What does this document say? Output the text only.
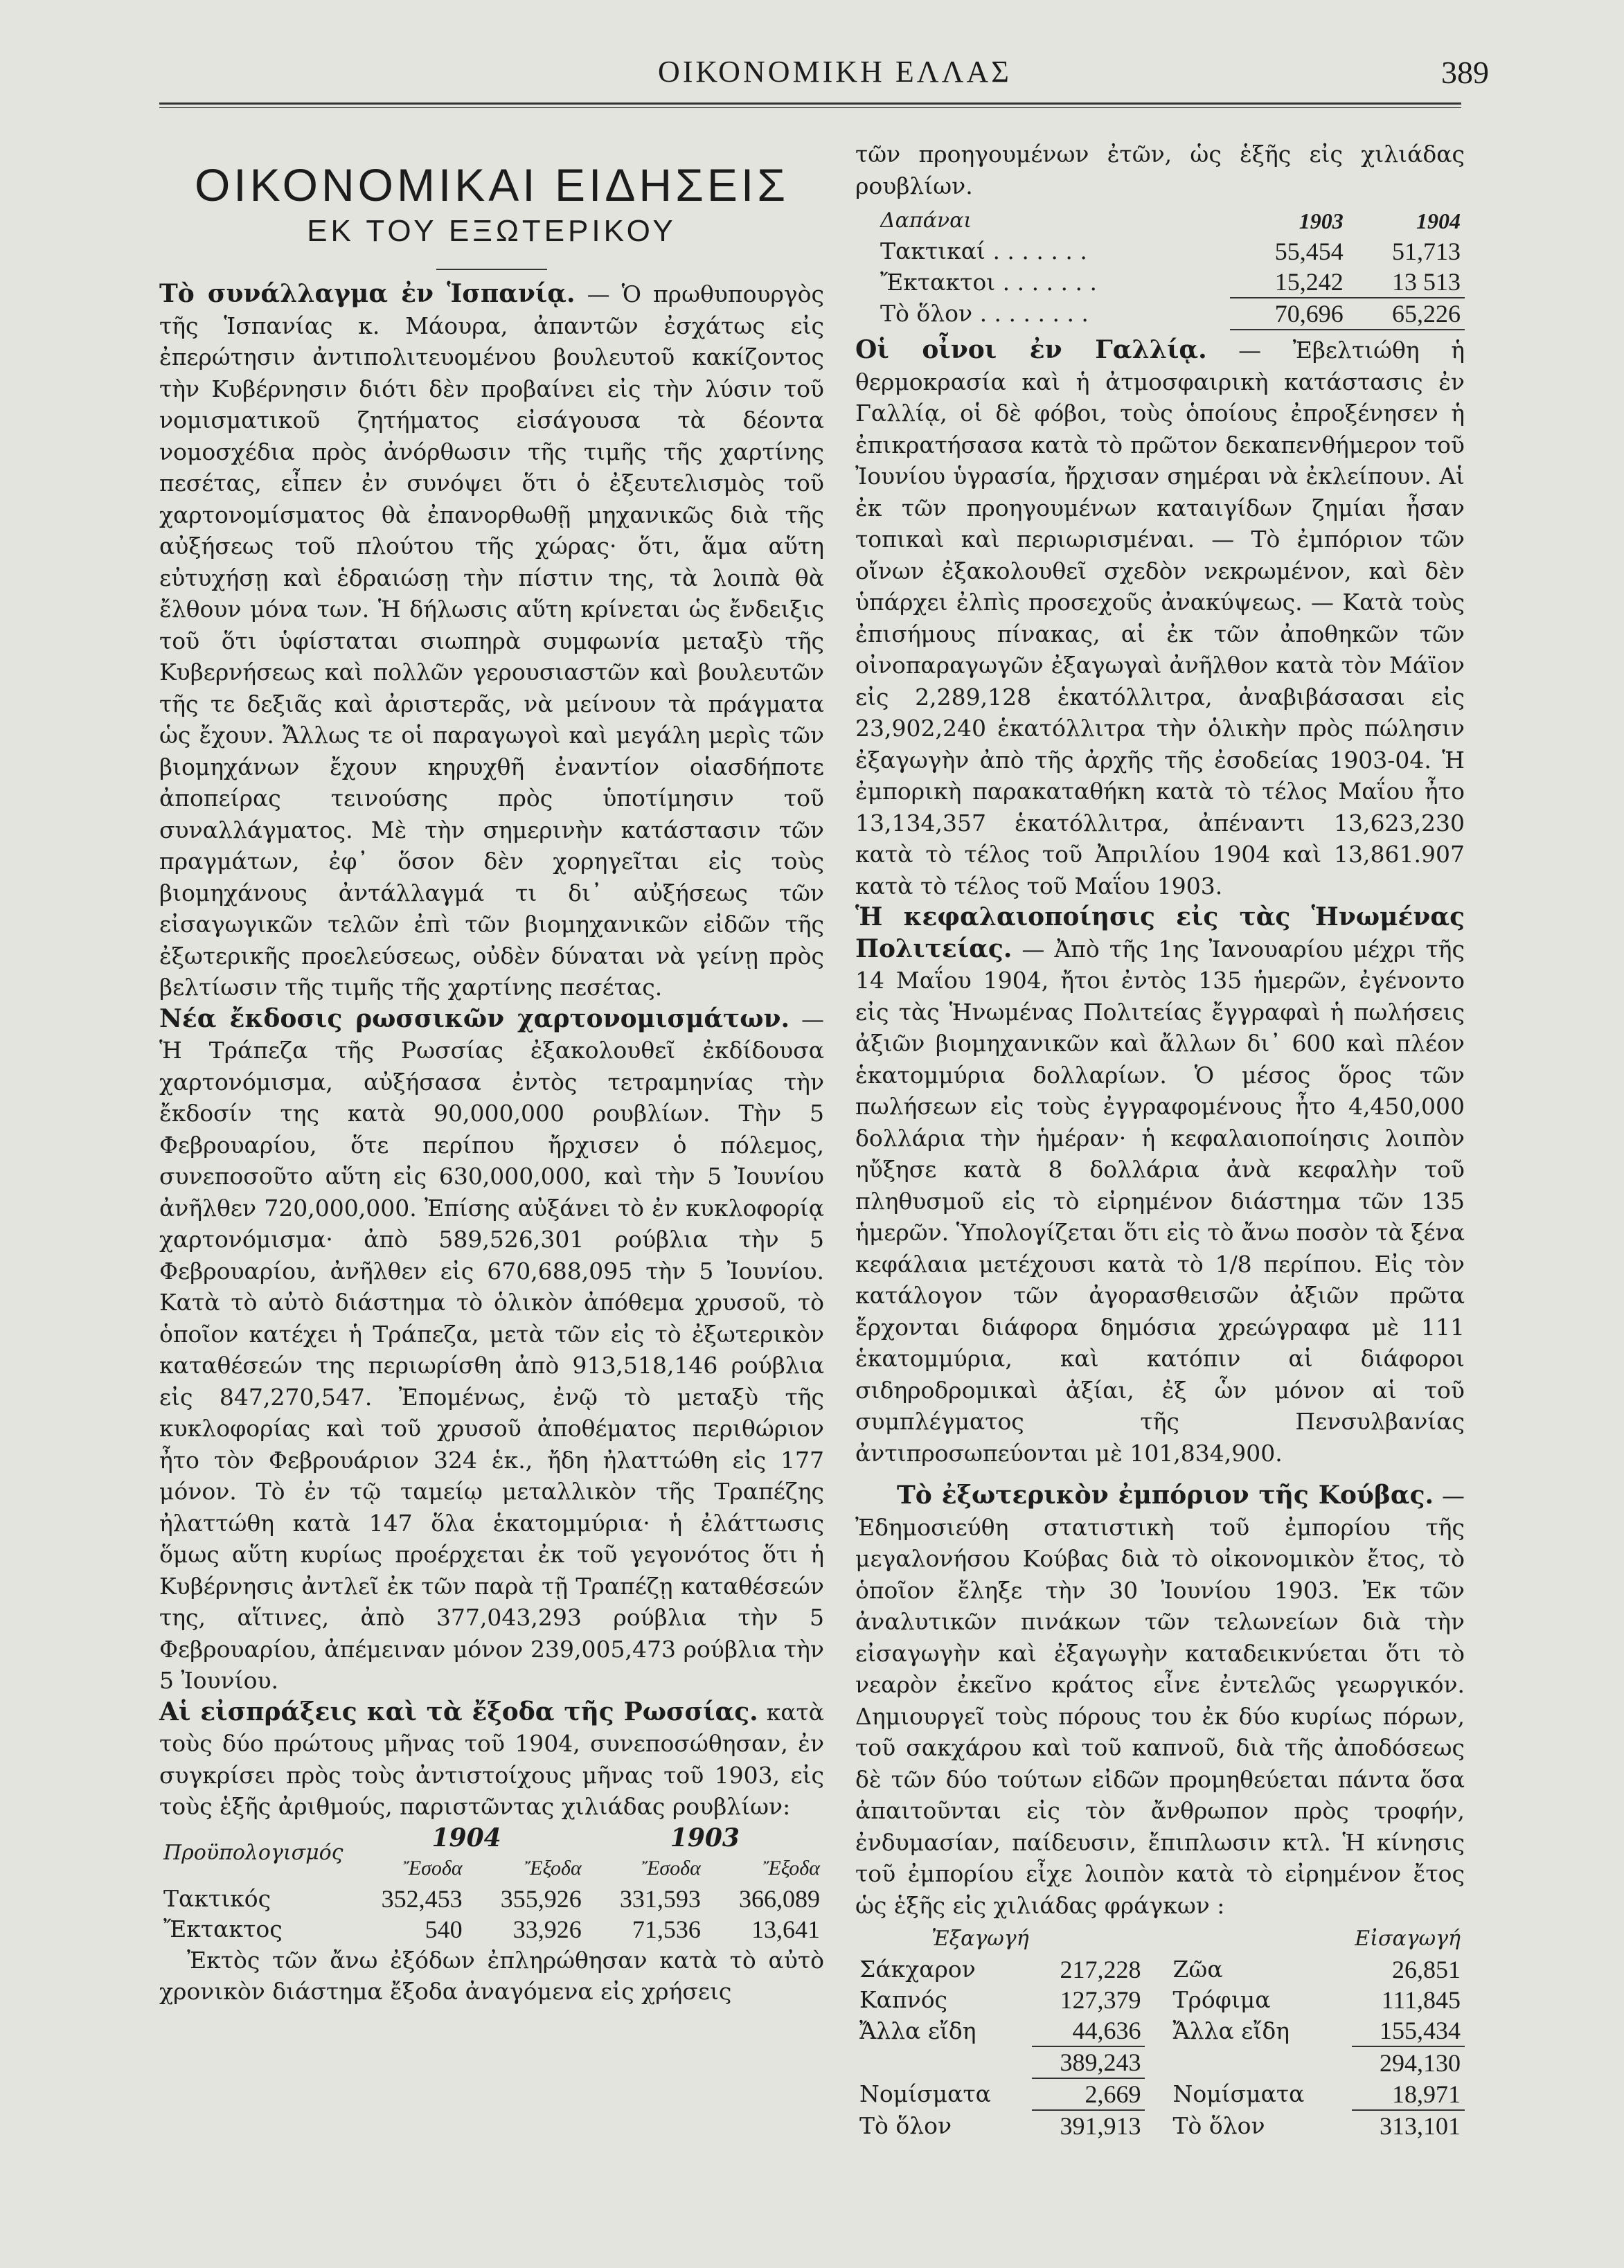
ΟΙΚΟΝΟΜΙΚΗ ΕΛΛΑΣ	389
ΟΙΚΟΝΟΜΙΚΑΙ ΕΙΔΗΣΕΙΣ
ΕΚ ΤΟΥ ΕΞΩΤΕΡΙΚΟΥ

Τὸ συνάλλαγμα ἐν Ἱσπανίᾳ. — Ὁ πρωθυπουργὸς τῆς Ἱσπανίας κ. Μάουρα, ἀπαντῶν ἐσχάτως εἰς ἐπερώτησιν ἀντιπολιτευομένου βουλευτοῦ κακίζοντος τὴν Κυβέρνησιν διότι δὲν προβαίνει εἰς τὴν λύσιν τοῦ νομισματικοῦ ζητήματος εἰσάγουσα τὰ δέοντα νομοσχέδια πρὸς ἀνόρθωσιν τῆς τιμῆς τῆς χαρτίνης πεσέτας, εἶπεν ἐν συνόψει ὅτι ὁ ἐξευτελισμὸς τοῦ χαρτονομίσματος θὰ ἐπανορθωθῇ μηχανικῶς διὰ τῆς αὐξήσεως τοῦ πλούτου τῆς χώρας· ὅτι, ἅμα αὕτη εὐτυχήσῃ καὶ ἑδραιώσῃ τὴν πίστιν της, τὰ λοιπὰ θὰ ἔλθουν μόνα των. Ἡ δήλωσις αὕτη κρίνεται ὡς ἔνδειξις τοῦ ὅτι ὑφίσταται σιωπηρὰ συμφωνία μεταξὺ τῆς Κυβερνήσεως καὶ πολλῶν γερουσιαστῶν καὶ βουλευτῶν τῆς τε δεξιᾶς καὶ ἀριστερᾶς, νὰ μείνουν τὰ πράγματα ὡς ἔχουν. Ἄλλως τε οἱ παραγωγοὶ καὶ μεγάλη μερὶς τῶν βιομηχάνων ἔχουν κηρυχθῆ ἐναντίον οἱασδήποτε ἀποπείρας τεινούσης πρὸς ὑποτίμησιν τοῦ συναλλάγματος. Μὲ τὴν σημερινὴν κατάστασιν τῶν πραγμάτων, ἐφ᾽ ὅσον δὲν χορηγεῖται εἰς τοὺς βιομηχάνους ἀντάλλαγμά τι δι᾽ αὐξήσεως τῶν εἰσαγωγικῶν τελῶν ἐπὶ τῶν βιομηχανικῶν εἰδῶν τῆς ἐξωτερικῆς προελεύσεως, οὐδὲν δύναται νὰ γείνῃ πρὸς βελτίωσιν τῆς τιμῆς τῆς χαρτίνης πεσέτας.

Νέα ἔκδοσις ρωσσικῶν χαρτονομισμάτων. — Ἡ Τράπεζα τῆς Ρωσσίας ἐξακολουθεῖ ἐκδίδουσα χαρτονόμισμα, αὐξήσασα ἐντὸς τετραμηνίας τὴν ἔκδοσίν της κατὰ 90,000,000 ρουβλίων. Τὴν 5 Φεβρουαρίου, ὅτε περίπου ἤρχισεν ὁ πόλεμος, συνεποσοῦτο αὕτη εἰς 630,000,000, καὶ τὴν 5 Ἰουνίου ἀνῆλθεν 720,000,000. Ἐπίσης αὐξάνει τὸ ἐν κυκλοφορίᾳ χαρτονόμισμα· ἀπὸ 589,526,301 ρούβλια τὴν 5 Φεβρουαρίου, ἀνῆλθεν εἰς 670,688,095 τὴν 5 Ἰουνίου. Κατὰ τὸ αὐτὸ διάστημα τὸ ὁλικὸν ἀπόθεμα χρυσοῦ, τὸ ὁποῖον κατέχει ἡ Τράπεζα, μετὰ τῶν εἰς τὸ ἐξωτερικὸν καταθέσεών της περιωρίσθη ἀπὸ 913,518,146 ρούβλια εἰς 847,270,547. Ἐπομένως, ἐνῷ τὸ μεταξὺ τῆς κυκλοφορίας καὶ τοῦ χρυσοῦ ἀποθέματος περιθώριον ἦτο τὸν Φεβρουάριον 324 ἑκ., ἤδη ἠλαττώθη εἰς 177 μόνον. Τὸ ἐν τῷ ταμείῳ μεταλλικὸν τῆς Τραπέζης ἠλαττώθη κατὰ 147 ὅλα ἑκατομμύρια· ἡ ἐλάττωσις ὅμως αὕτη κυρίως προέρχεται ἐκ τοῦ γεγονότος ὅτι ἡ Κυβέρνησις ἀντλεῖ ἐκ τῶν παρὰ τῇ Τραπέζῃ καταθέσεών της, αἵτινες, ἀπὸ 377,043,293 ρούβλια τὴν 5 Φεβρουαρίου, ἀπέμειναν μόνον 239,005,473 ρούβλια τὴν 5 Ἰουνίου.

Αἱ εἰσπράξεις καὶ τὰ ἔξοδα τῆς Ρωσσίας. κατὰ τοὺς δύο πρώτους μῆνας τοῦ 1904, συνεποσώθησαν, ἐν συγκρίσει πρὸς τοὺς ἀντιστοίχους μῆνας τοῦ 1903, εἰς τοὺς ἑξῆς ἀριθμούς, παριστῶντας χιλιάδας ρουβλίων:

Προϋπολογισμός	1904		1903	
	Ἔσοδα	Ἔξοδα	Ἔσοδα	Ἔξοδα
Τακτικός	352,453	355,926	331,593	366,089
Ἔκτακτος	540	33,926	71,536	13,641

Ἐκτὸς τῶν ἄνω ἐξόδων ἐπληρώθησαν κατὰ τὸ αὐτὸ χρονικὸν διάστημα ἔξοδα ἀναγόμενα εἰς χρήσεις

τῶν προηγουμένων ἐτῶν, ὡς ἑξῆς εἰς χιλιάδας ρουβλίων.

Δαπάναι	1903	1904
Τακτικαί . . . . . . .	55,454	51,713
Ἔκτακτοι . . . . . . .	15,242	13 513
Τὸ ὅλον . . . . . . . .	70,696	65,226

Οἱ οἶνοι ἐν Γαλλίᾳ. — Ἐβελτιώθη ἡ θερμοκρασία καὶ ἡ ἀτμοσφαιρικὴ κατάστασις ἐν Γαλλίᾳ, οἱ δὲ φόβοι, τοὺς ὁποίους ἐπροξένησεν ἡ ἐπικρατήσασα κατὰ τὸ πρῶτον δεκαπενθήμερον τοῦ Ἰουνίου ὑγρασία, ἤρχισαν σημέραι νὰ ἐκλείπουν. Αἱ ἐκ τῶν προηγουμένων καταιγίδων ζημίαι ἦσαν τοπικαὶ καὶ περιωρισμέναι. — Τὸ ἐμπόριον τῶν οἴνων ἐξακολουθεῖ σχεδὸν νεκρωμένον, καὶ δὲν ὑπάρχει ἐλπὶς προσεχοῦς ἀνακύψεως. — Κατὰ τοὺς ἐπισήμους πίνακας, αἱ ἐκ τῶν ἀποθηκῶν τῶν οἰνοπαραγωγῶν ἐξαγωγαὶ ἀνῆλθον κατὰ τὸν Μάϊον εἰς 2,289,128 ἑκατόλλιτρα, ἀναβιβάσασαι εἰς 23,902,240 ἑκατόλλιτρα τὴν ὁλικὴν πρὸς πώλησιν ἐξαγωγὴν ἀπὸ τῆς ἀρχῆς τῆς ἐσοδείας 1903-04. Ἡ ἐμπορικὴ παρακαταθήκη κατὰ τὸ τέλος Μαΐου ἦτο 13,134,357 ἑκατόλλιτρα, ἀπέναντι 13,623,230 κατὰ τὸ τέλος τοῦ Ἀπριλίου 1904 καὶ 13,861.907 κατὰ τὸ τέλος τοῦ Μαΐου 1903.

Ἡ κεφαλαιοποίησις εἰς τὰς Ἡνωμένας Πολιτείας. — Ἀπὸ τῆς 1ης Ἰανουαρίου μέχρι τῆς 14 Μαΐου 1904, ἤτοι ἐντὸς 135 ἡμερῶν, ἐγένοντο εἰς τὰς Ἡνωμένας Πολιτείας ἔγγραφαὶ ἡ πωλήσεις ἀξιῶν βιομηχανικῶν καὶ ἄλλων δι᾽ 600 καὶ πλέον ἑκατομμύρια δολλαρίων. Ὁ μέσος ὅρος τῶν πωλήσεων εἰς τοὺς ἐγγραφομένους ἦτο 4,450,000 δολλάρια τὴν ἡμέραν· ἡ κεφαλαιοποίησις λοιπὸν ηὔξησε κατὰ 8 δολλάρια ἀνὰ κεφαλὴν τοῦ πληθυσμοῦ εἰς τὸ εἰρημένον διάστημα τῶν 135 ἡμερῶν. Ὑπολογίζεται ὅτι εἰς τὸ ἄνω ποσὸν τὰ ξένα κεφάλαια μετέχουσι κατὰ τὸ 1/8 περίπου. Εἰς τὸν κατάλογον τῶν ἀγορασθεισῶν ἀξιῶν πρῶτα ἔρχονται διάφορα δημόσια χρεώγραφα μὲ 111 ἑκατομμύρια, καὶ κατόπιν αἱ διάφοροι σιδηροδρομικαὶ ἀξίαι, ἐξ ὧν μόνον αἱ τοῦ συμπλέγματος τῆς Πενσυλβανίας ἀντιπροσωπεύονται μὲ 101,834,900.

Τὸ ἐξωτερικὸν ἐμπόριον τῆς Κούβας. — Ἐδημοσιεύθη στατιστικὴ τοῦ ἐμπορίου τῆς μεγαλονήσου Κούβας διὰ τὸ οἰκονομικὸν ἔτος, τὸ ὁποῖον ἔληξε τὴν 30 Ἰουνίου 1903. Ἐκ τῶν ἀναλυτικῶν πινάκων τῶν τελωνείων διὰ τὴν εἰσαγωγὴν καὶ ἐξαγωγὴν καταδεικνύεται ὅτι τὸ νεαρὸν ἐκεῖνο κράτος εἶνε ἐντελῶς γεωργικόν. Δημιουργεῖ τοὺς πόρους του ἐκ δύο κυρίως πόρων, τοῦ σακχάρου καὶ τοῦ καπνοῦ, διὰ τῆς ἀποδόσεως δὲ τῶν δύο τούτων εἰδῶν προμηθεύεται πάντα ὅσα ἀπαιτοῦνται εἰς τὸν ἄνθρωπον πρὸς τροφήν, ἐνδυμασίαν, παίδευσιν, ἔπιπλωσιν κτλ. Ἡ κίνησις τοῦ ἐμπορίου εἶχε λοιπὸν κατὰ τὸ εἰρημένον ἔτος ὡς ἑξῆς εἰς χιλιάδας φράγκων :

Ἐξαγωγή		Εἰσαγωγή	
Σάκχαρον	217,228	Ζῶα	26,851
Καπνός	127,379	Τρόφιμα	111,845
Ἄλλα εἴδη	44,636	Ἄλλα εἴδη	155,434
	389,243		294,130
Νομίσματα	2,669	Νομίσματα	18,971
Τὸ ὅλον	391,913	Τὸ ὅλον	313,101
